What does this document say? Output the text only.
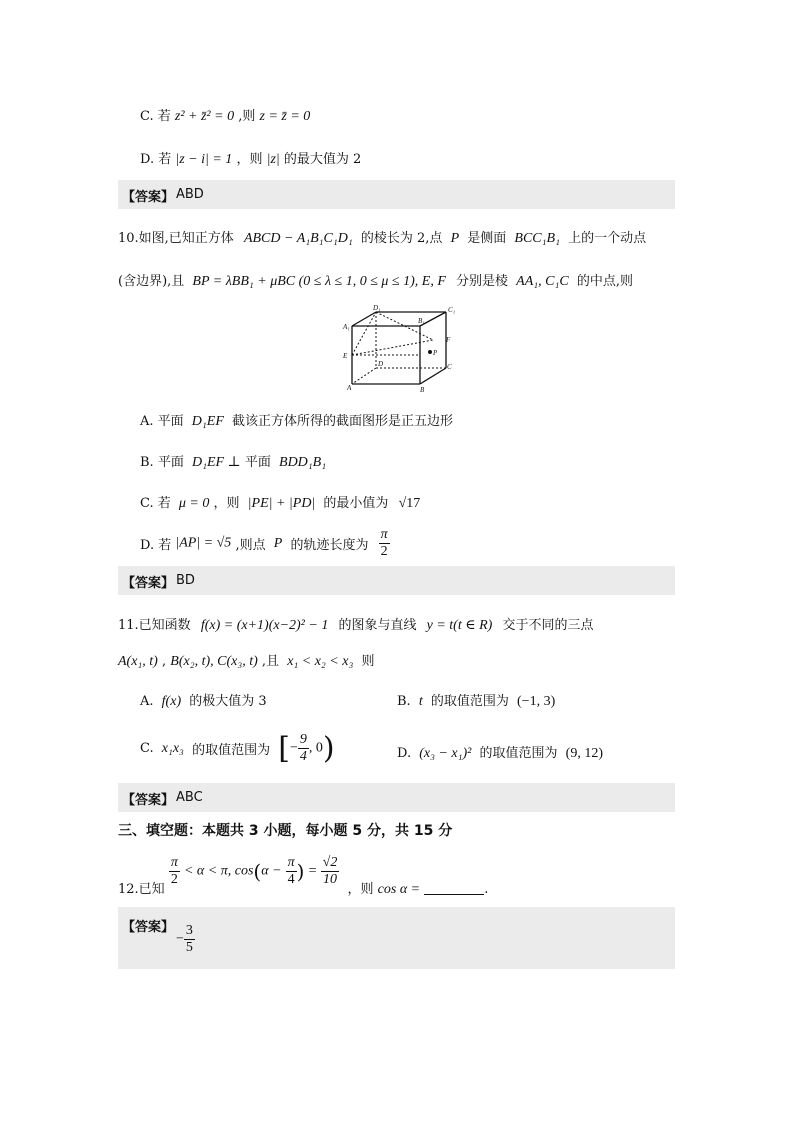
C. 若 z² + z̄² = 0 ,则 z = z̄ = 0
D. 若 |z − i| = 1 ，则 |z| 的最大值为 2
【答案】 ABD
10.如图,已知正方体 ABCD − A₁B₁C₁D₁ 的棱长为 2,点 P 是侧面 BCC₁B₁ 上的一个动点
(含边界),且 BP = λBB₁ + μBC (0 ≤ λ ≤ 1, 0 ≤ μ ≤ 1), E, F 分别是棱 AA₁, C₁C 的中点,则
A₁
D₁	C₁
B₁
E
F
D
P
A	B
C
A. 平面 D₁EF 截该正方体所得的截面图形是正五边形
B. 平面 D₁EF ⊥ 平面 BDD₁B₁
C. 若 μ = 0 ，则 |PE| + |PD| 的最小值为 √17
D. 若 |AP| = √5 ,则点 P 的轨迹长度为 $\frac{\pi}{2}$
【答案】 BD
11.已知函数 f(x) = (x+1)(x−2)² − 1 的图象与直线 y = t(t ∈ R) 交于不同的三点
A(x₁, t) , B(x₂, t), C(x₃, t) ,且 x₁ < x₂ < x₃ 则
A. f(x) 的极大值为 3	B. t 的取值范围为 (−1, 3)
C. x₁x₃ 的取值范围为 [− $\frac{9}{4}$ , 0)	D. (x₃ − x₁)² 的取值范围为 (9, 12)
【答案】 ABC
三、填空题：本题共 3 小题，每小题 5 分，共 15 分
12.已知
$\frac{\pi}{2} < \alpha < \pi$, $\cos(\alpha - \frac{\pi}{4}$ ) = $\frac{√2}{10}$
，则 cos α =	.
【答案】
− $\frac{3}{5}$
